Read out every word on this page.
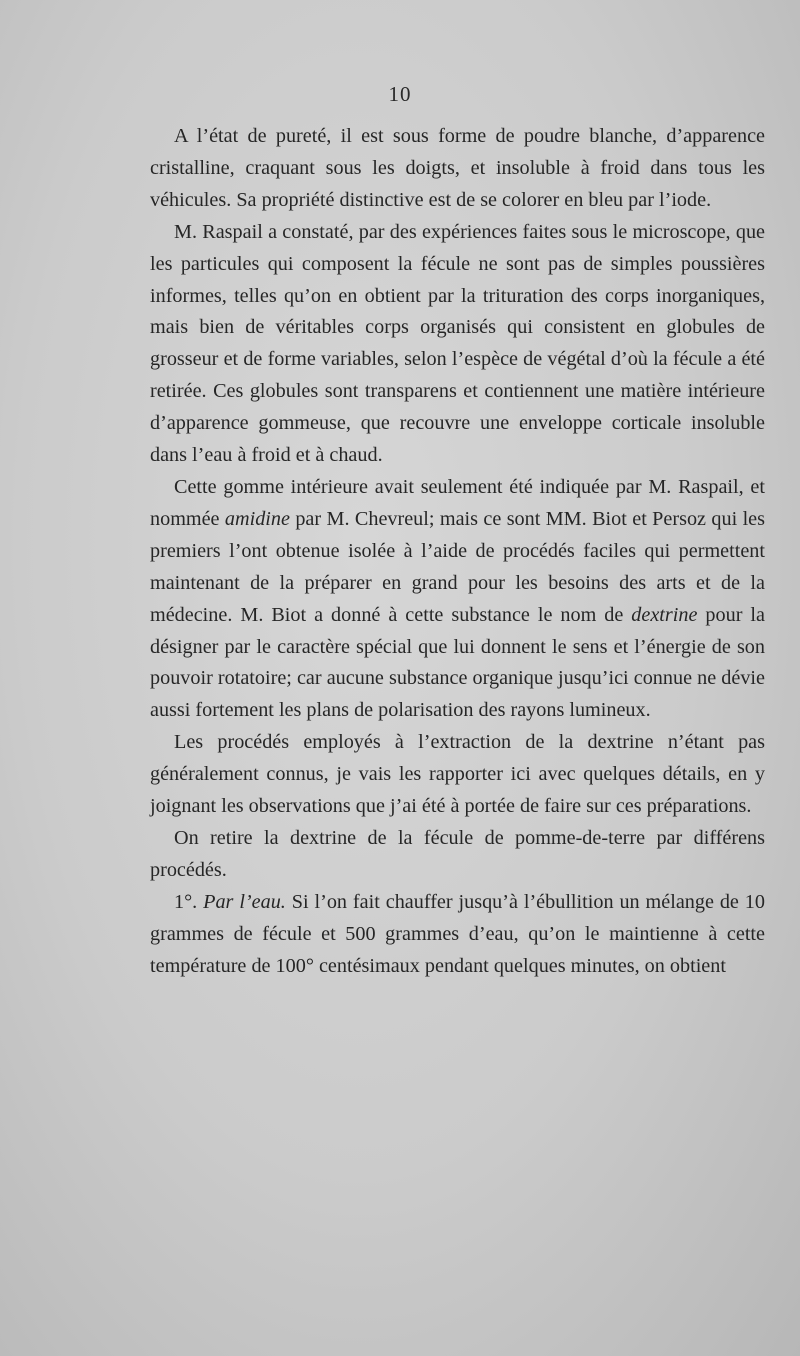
10

A l’état de pureté, il est sous forme de poudre blanche, d’apparence cristalline, craquant sous les doigts, et insoluble à froid dans tous les véhicules. Sa propriété distinctive est de se colorer en bleu par l’iode.

M. Raspail a constaté, par des expériences faites sous le microscope, que les particules qui composent la fécule ne sont pas de simples poussières informes, telles qu’on en obtient par la trituration des corps inorganiques, mais bien de véritables corps organisés qui consistent en globules de grosseur et de forme variables, selon l’espèce de végétal d’où la fécule a été retirée. Ces globules sont transparens et contiennent une matière intérieure d’apparence gommeuse, que recouvre une enveloppe corticale insoluble dans l’eau à froid et à chaud.

Cette gomme intérieure avait seulement été indiquée par M. Raspail, et nommée amidine par M. Chevreul; mais ce sont MM. Biot et Persoz qui les premiers l’ont obtenue isolée à l’aide de procédés faciles qui permettent maintenant de la préparer en grand pour les besoins des arts et de la médecine. M. Biot a donné à cette substance le nom de dextrine pour la désigner par le caractère spécial que lui donnent le sens et l’énergie de son pouvoir rotatoire; car aucune substance organique jusqu’ici connue ne dévie aussi fortement les plans de polarisation des rayons lumineux.

Les procédés employés à l’extraction de la dextrine n’étant pas généralement connus, je vais les rapporter ici avec quelques détails, en y joignant les observations que j’ai été à portée de faire sur ces préparations.

On retire la dextrine de la fécule de pomme-de-terre par différens procédés.

1°. Par l’eau. Si l’on fait chauffer jusqu’à l’ébullition un mélange de 10 grammes de fécule et 500 grammes d’eau, qu’on le maintienne à cette température de 100° centésimaux pendant quelques minutes, on obtient
